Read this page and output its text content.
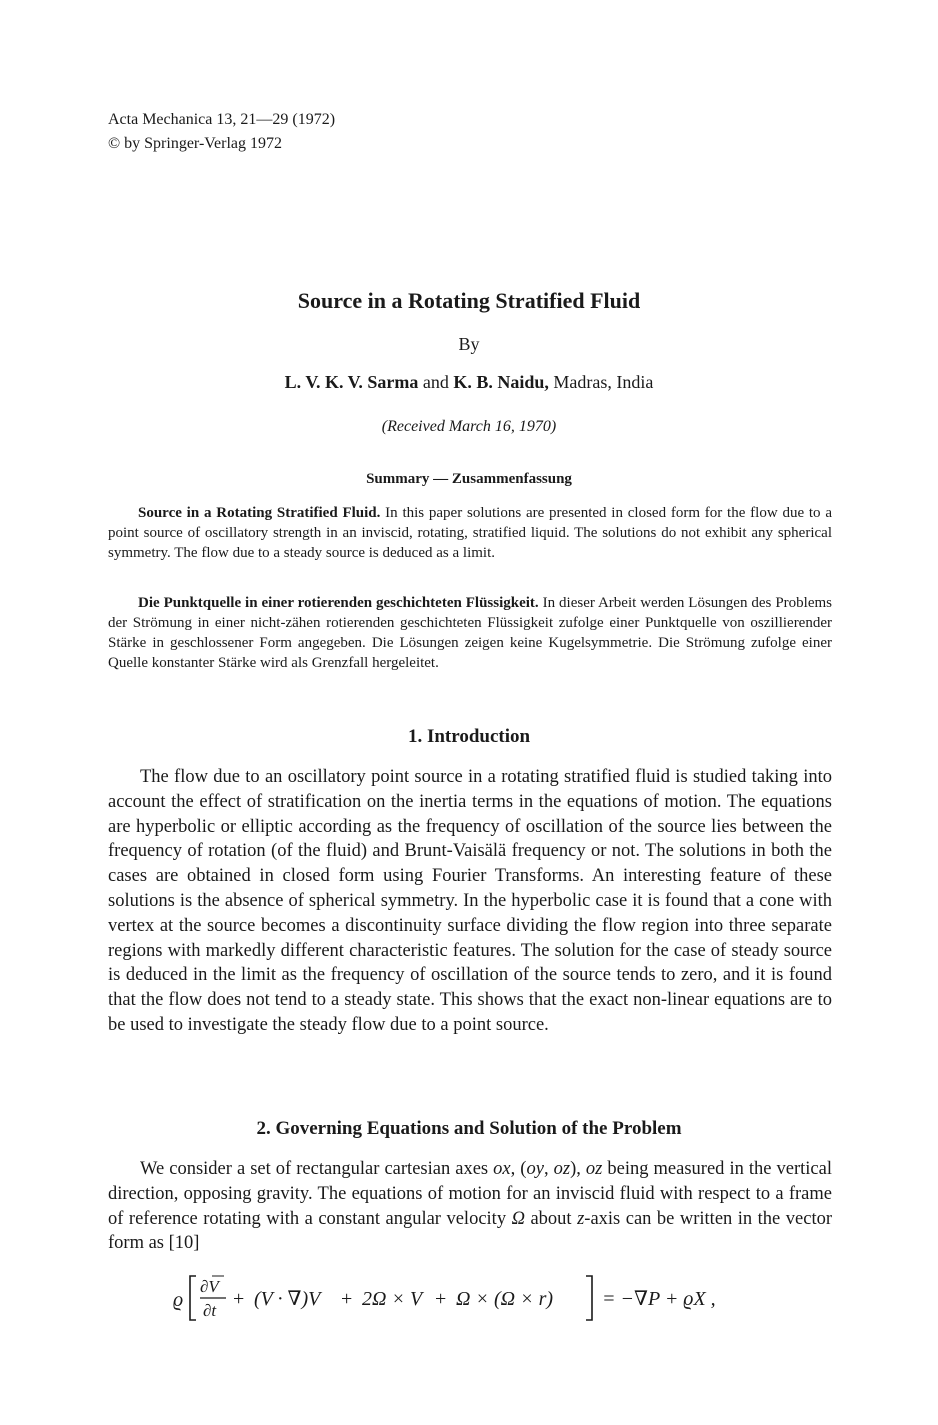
Acta Mechanica 13, 21—29 (1972)
© by Springer-Verlag 1972
Source in a Rotating Stratified Fluid
By
L. V. K. V. Sarma and K. B. Naidu, Madras, India
(Received March 16, 1970)
Summary — Zusammenfassung

Source in a Rotating Stratified Fluid. In this paper solutions are presented in closed form for the flow due to a point source of oscillatory strength in an inviscid, rotating, stratified liquid. The solutions do not exhibit any spherical symmetry. The flow due to a steady source is deduced as a limit.

Die Punktquelle in einer rotierenden geschichteten Flüssigkeit. In dieser Arbeit werden Lösungen des Problems der Strömung in einer nicht-zähen rotierenden geschichteten Flüssigkeit zufolge einer Punktquelle von oszillierender Stärke in geschlossener Form angegeben. Die Lösungen zeigen keine Kugelsymmetrie. Die Strömung zufolge einer Quelle konstanter Stärke wird als Grenzfall hergeleitet.

1. Introduction

The flow due to an oscillatory point source in a rotating stratified fluid is studied taking into account the effect of stratification on the inertia terms in the equations of motion. The equations are hyperbolic or elliptic according as the frequency of oscillation of the source lies between the frequency of rotation (of the fluid) and Brunt-Vaisälä frequency or not. The solutions in both the cases are obtained in closed form using Fourier Transforms. An interesting feature of these solutions is the absence of spherical symmetry. In the hyperbolic case it is found that a cone with vertex at the source becomes a discontinuity surface dividing the flow region into three separate regions with markedly different characteristic features. The solution for the case of steady source is deduced in the limit as the frequency of oscillation of the source tends to zero, and it is found that the flow does not tend to a steady state. This shows that the exact non-linear equations are to be used to investigate the steady flow due to a point source.

2. Governing Equations and Solution of the Problem

We consider a set of rectangular cartesian axes ox, (oy, oz), oz being measured in the vertical direction, opposing gravity. The equations of motion for an inviscid fluid with respect to a frame of reference rotating with a constant angular velocity Ω about z-axis can be written in the vector form as [10]

ϱ
∂V
∂t
+ (V · ∇)V + 2Ω × V + Ω × (Ω × r) = −∇P + ϱX ,
